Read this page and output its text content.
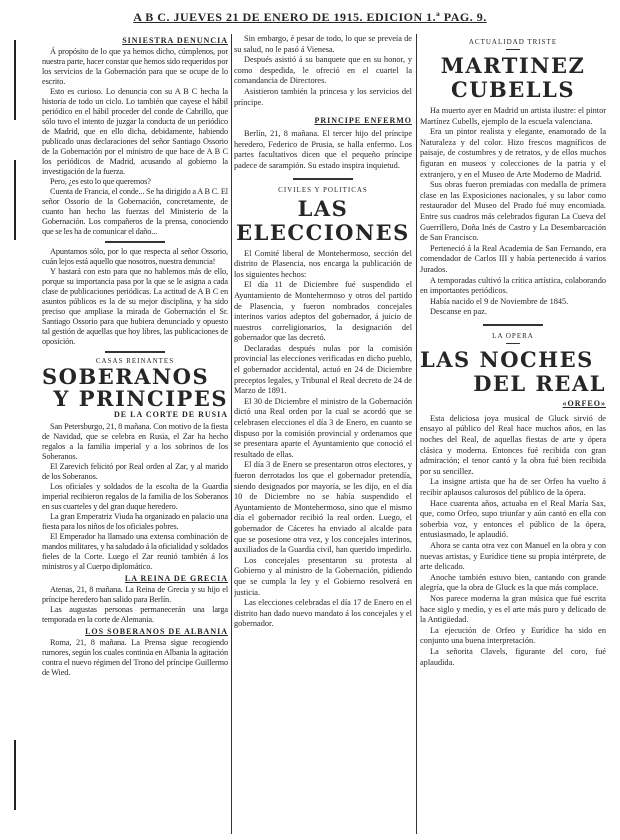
A B C. JUEVES 21 DE ENERO DE 1915. EDICION 1.ª PAG. 9.
SINIESTRA DENUNCIA

Á propósito de lo que ya hemos dicho, cúmplenos, por nuestra parte, hacer constar que hemos sido requeridos por los servicios de la Gobernación para que se ocupe de lo escrito.

Esto es curioso. Lo denuncia con su A B C hecha la historia de todo un ciclo. Lo también que cayese el hábil periódico en el hábil proceder del conde de Cabrillo, que sólo tuvo el intento de juzgar la conducta de un periódico de Madrid, que en ello dicha, debidamente, habiendo publicado unas declaraciones del señor Santiago Ossorio de la Gobernación por el ministro de que hace de A B C los periódicos de Madrid, acusando al gobierno la investigación de la fuerza.

Pero, ¿es esto lo que queremos?

Cuenta de Francia, el conde... Se ha dirigido a A B C. El señor Ossorio de la Gobernación, concretamente, de cuanto han hecho las fuerzas del Ministerio de la Gobernación. Los compañeros de la prensa, conociendo que se les ha de comunicar el daño...

Apuntamos sólo, por lo que respecta al señor Ossorio, cuán lejos está aquello que nosotros, nuestra denuncia!

Y bastará con esto para que no hablemos más de ello, porque su importancia pasa por la que se le asigna a cada clase de publicaciones periódicas. La actitud de A B C en asuntos públicos es la de su mejor disciplina, y ha sido preciso que ampliase la mirada de Gobernación el Sr. Santiago Ossorio para que hubiera denunciado y opuesto tal gestión de aquellas que hoy libres, las publicaciones de oposición.

CASAS REINANTES
SOBERANOS
Y PRINCIPES
DE LA CORTE DE RUSIA

San Petersburgo, 21, 8 mañana. Con motivo de la fiesta de Navidad, que se celebra en Rusia, el Zar ha hecho regalos a la familia imperial y a los sobrinos de los Soberanos.

El Zarevich felicitó por Real orden al Zar, y al marido de los Soberanos.

Los oficiales y soldados de la escolta de la Guardia imperial recibieron regalos de la familia de los Soberanos en sus cuarteles y del gran duque heredero.

La gran Emperatriz Viuda ha organizado en palacio una fiesta para los niños de los oficiales pobres.

El Emperador ha llamado una extensa combinación de mandos militares, y ha saludado á la oficialidad y soldados fieles de la Corte. Luego el Zar reunió también á los ministros y al Cuerpo diplomático.

LA REINA DE GRECIA

Atenas, 21, 8 mañana. La Reina de Grecia y su hijo el príncipe heredero han salido para Berlín.

Las augustas personas permanecerán una larga temporada en la corte de Alemania.

LOS SOBERANOS DE ALBANIA

Roma, 21, 8 mañana. La Prensa sigue recogiendo rumores, según los cuales continúa en Albania la agitación contra el nuevo régimen del Trono del príncipe Guillermo de Wied.

Sin embargo, é pesar de todo, lo que se preveía de su salud, no le pasó á Vienesa.

Después asistió á su banquete que en su honor, y como despedida, le ofreció en el cuartel la comandancia de Directores.

Asistieron también la princesa y los servicios del príncipe.

PRINCIPE ENFERMO

Berlín, 21, 8 mañana. El tercer hijo del príncipe heredero, Federico de Prusia, se halla enfermo. Los partes facultativos dicen que el pequeño príncipe padece de sarampión. Su estado inspira inquietud.

CIVILES Y POLITICAS
LAS ELECCIONES

El Comité liberal de Montehermoso, sección del distrito de Plasencia, nos encarga la publicación de los siguientes hechos:

El día 11 de Diciembre fué suspendido el Ayuntamiento de Montehermoso y otros del partido de Plasencia, y fueron nombrados concejales interinos varios adeptos del gobernador, á juicio de nuestros correligionarios, la designación del gobernador que las decretó.

Declaradas después nulas por la comisión provincial las elecciones verificadas en dicho pueblo, el gobernador accidental, actuó en 24 de Diciembre preceptos legales, y Tribunal el Real decreto de 24 de Marzo de 1891.

El 30 de Diciembre el ministro de la Gobernación dictó una Real orden por la cual se acordó que se celebrasen elecciones el día 3 de Enero, en cuanto se dispuso por la comisión provincial y ordenamos que se presentara aparte el Ayuntamiento que conoció el resultado de ellas.

El día 3 de Enero se presentaron otros electores, y fueron derrotados los que el gobernador pretendía, siendo designados por mayoría, se les dijo, en el día 10 de Diciembre no se había suspendido el Ayuntamiento de Montehermoso, sino que el mismo día el gobernador recibió la real orden. Luego, el gobernador de Cáceres ha enviado al alcalde para que se posesione otra vez, y los concejales interinos, auxiliados de la Guardia civil, han querido impedirlo.

Los concejales presentaron su protesta al Gobierno y al ministro de la Gobernación, pidiendo que se cumpla la ley y el Gobierno resolverá en justicia.

Las elecciones celebradas el día 17 de Enero en el distrito han dado nuevo mandato á los concejales y el gobernador.

ACTUALIDAD TRISTE
MARTINEZ CUBELLS

Ha muerto ayer en Madrid un artista ilustre: el pintor Martínez Cubells, ejemplo de la escuela valenciana.

Era un pintor realista y elegante, enamorado de la Naturaleza y del color. Hizo frescos magníficos de paisaje, de costumbres y de retratos, y de ellos muchos figuran en museos y colecciones de la patria y el extranjero, y en el Museo de Arte Moderno de Madrid.

Sus obras fueron premiadas con medalla de primera clase en las Exposiciones nacionales, y su labor como restaurador del Museo del Prado fué muy encomiada. Entre sus cuadros más celebrados figuran La Cueva del Guerrillero, Doña Inés de Castro y La Desembarcación de San Francisco.

Perteneció á la Real Academia de San Fernando, era comendador de Carlos III y había pertenecido á varios Jurados.

A temporadas cultivó la crítica artística, colaborando en importantes periódicos.

Había nacido el 9 de Noviembre de 1845.

Descanse en paz.

LA OPERA
LAS NOCHES
DEL REAL
«ORFEO»

Esta deliciosa joya musical de Gluck sirvió de ensayo al público del Real hace muchos años, en las noches del Real, de aquellas fiestas de arte y ópera clásica y moderna. Entonces fué recibida con gran admiración; el tenor cantó y la obra fué bien recibida por su sencillez.

La insigne artista que ha de ser Orfeo ha vuelto á recibir aplausos calurosos del público de la ópera.

Hace cuarenta años, actuaba en el Real María Sax, que, como Orfeo, supo triunfar y aún cantó en ella con soberbia voz, y entonces el público de la ópera, entusiasmado, le aplaudió.

Ahora se canta otra vez con Manuel en la obra y con nuevas artistas, y Eurídice tiene su propia intérprete, de arte delicado.

Anoche también estuvo bien, cantando con grande alegría, que la obra de Gluck es la que más complace.

Nos parece moderna la gran música que fué escrita hace siglo y medio, y es el arte más puro y delicado de la Antigüedad.

La ejecución de Orfeo y Eurídice ha sido en conjunto una buena interpretación.

La señorita Clavels, figurante del coro, fué aplaudida.
